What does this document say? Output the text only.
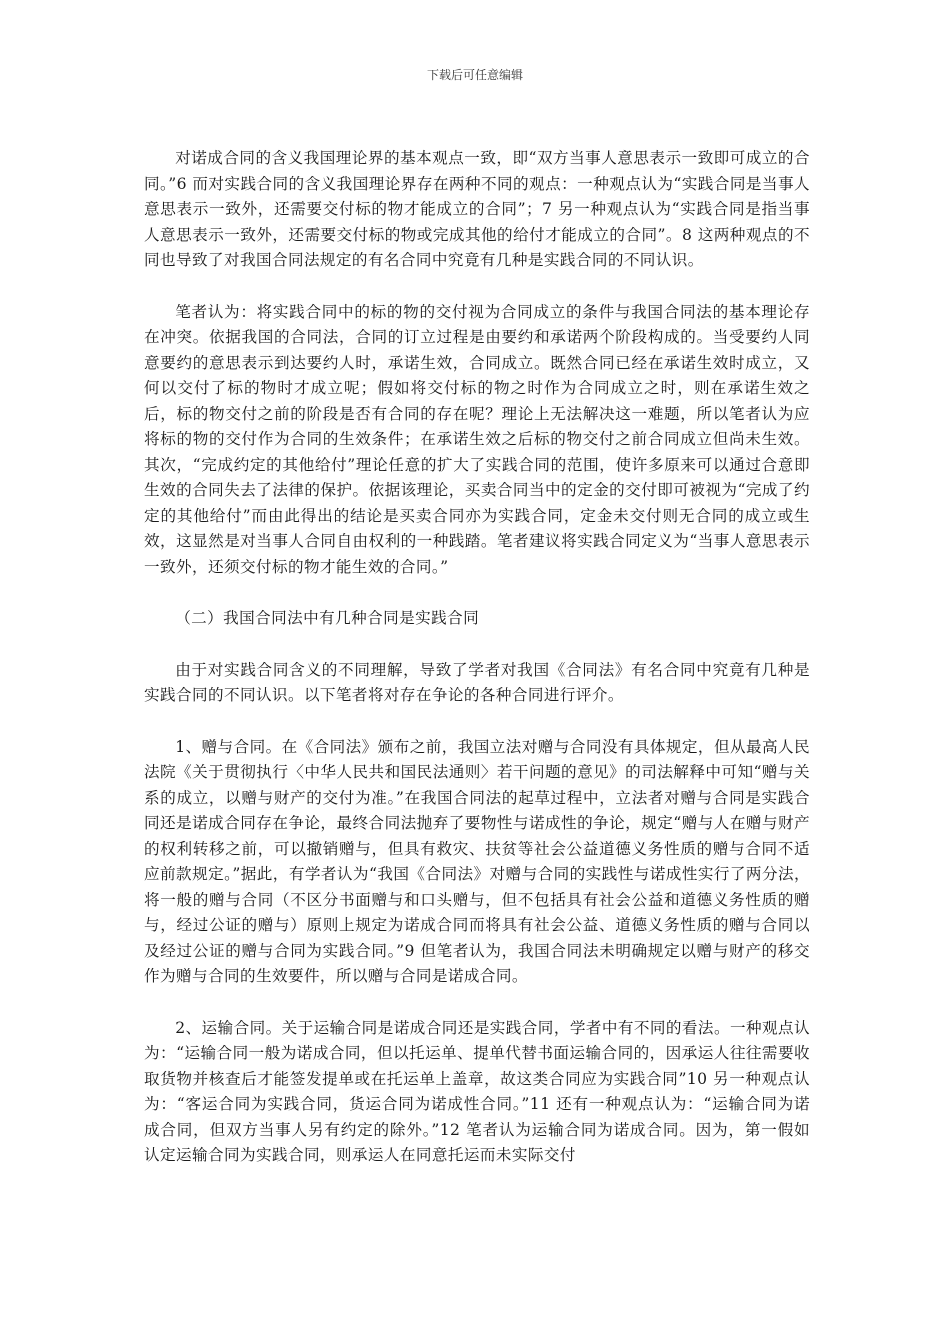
下载后可任意编辑

对诺成合同的含义我国理论界的基本观点一致，即“双方当事人意思表示一致即可成立的合同。”6 而对实践合同的含义我国理论界存在两种不同的观点：一种观点认为“实践合同是当事人意思表示一致外，还需要交付标的物才能成立的合同”；7 另一种观点认为“实践合同是指当事人意思表示一致外，还需要交付标的物或完成其他的给付才能成立的合同”。8 这两种观点的不同也导致了对我国合同法规定的有名合同中究竟有几种是实践合同的不同认识。

笔者认为：将实践合同中的标的物的交付视为合同成立的条件与我国合同法的基本理论存在冲突。依据我国的合同法，合同的订立过程是由要约和承诺两个阶段构成的。当受要约人同意要约的意思表示到达要约人时，承诺生效，合同成立。既然合同已经在承诺生效时成立，又何以交付了标的物时才成立呢；假如将交付标的物之时作为合同成立之时，则在承诺生效之后，标的物交付之前的阶段是否有合同的存在呢？理论上无法解决这一难题，所以笔者认为应将标的物的交付作为合同的生效条件；在承诺生效之后标的物交付之前合同成立但尚未生效。其次，“完成约定的其他给付”理论任意的扩大了实践合同的范围，使许多原来可以通过合意即生效的合同失去了法律的保护。依据该理论，买卖合同当中的定金的交付即可被视为“完成了约定的其他给付”而由此得出的结论是买卖合同亦为实践合同，定金未交付则无合同的成立或生效，这显然是对当事人合同自由权利的一种践踏。笔者建议将实践合同定义为“当事人意思表示一致外，还须交付标的物才能生效的合同。”

（二）我国合同法中有几种合同是实践合同

由于对实践合同含义的不同理解，导致了学者对我国《合同法》有名合同中究竟有几种是实践合同的不同认识。以下笔者将对存在争论的各种合同进行评介。

1、赠与合同。在《合同法》颁布之前，我国立法对赠与合同没有具体规定，但从最高人民法院《关于贯彻执行〈中华人民共和国民法通则〉若干问题的意见》的司法解释中可知“赠与关系的成立，以赠与财产的交付为准。”在我国合同法的起草过程中，立法者对赠与合同是实践合同还是诺成合同存在争论，最终合同法抛弃了要物性与诺成性的争论，规定“赠与人在赠与财产的权利转移之前，可以撤销赠与，但具有救灾、扶贫等社会公益道德义务性质的赠与合同不适应前款规定。”据此，有学者认为“我国《合同法》对赠与合同的实践性与诺成性实行了两分法，将一般的赠与合同（不区分书面赠与和口头赠与，但不包括具有社会公益和道德义务性质的赠与，经过公证的赠与）原则上规定为诺成合同而将具有社会公益、道德义务性质的赠与合同以及经过公证的赠与合同为实践合同。”9 但笔者认为，我国合同法未明确规定以赠与财产的移交作为赠与合同的生效要件，所以赠与合同是诺成合同。

2、运输合同。关于运输合同是诺成合同还是实践合同，学者中有不同的看法。一种观点认为：“运输合同一般为诺成合同，但以托运单、提单代替书面运输合同的，因承运人往往需要收取货物并核查后才能签发提单或在托运单上盖章，故这类合同应为实践合同”10 另一种观点认为：“客运合同为实践合同，货运合同为诺成性合同。”11 还有一种观点认为：“运输合同为诺成合同，但双方当事人另有约定的除外。”12 笔者认为运输合同为诺成合同。因为，第一假如认定运输合同为实践合同，则承运人在同意托运而未实际交付
